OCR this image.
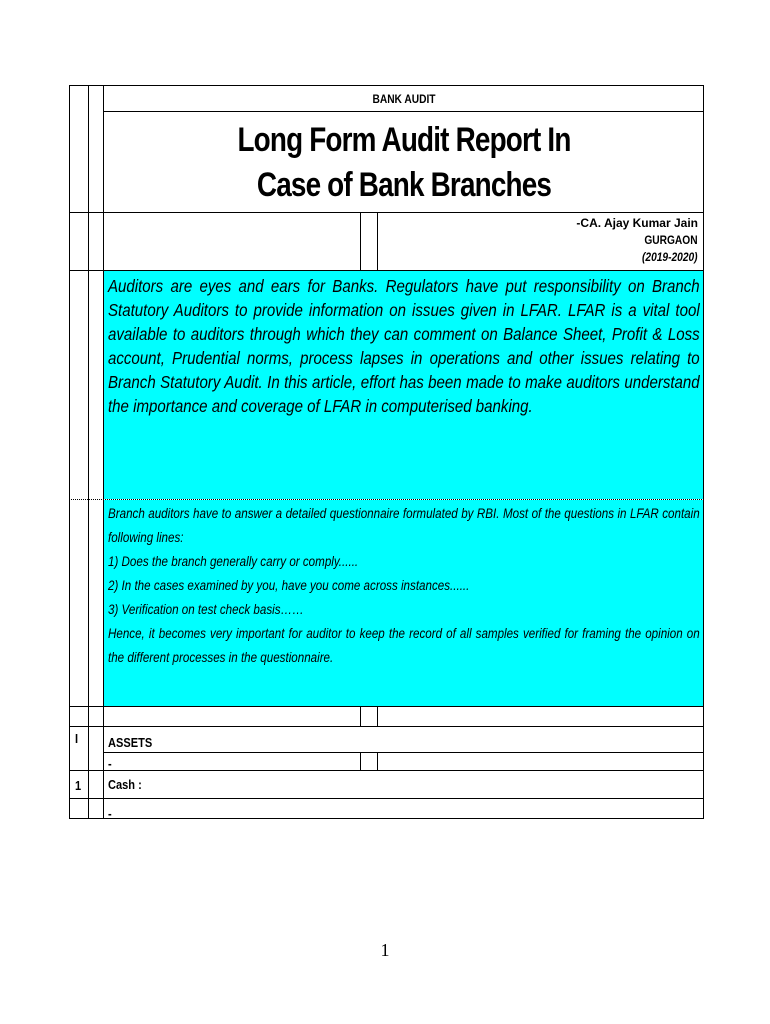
BANK AUDIT
Long Form Audit Report In
Case of Bank Branches
-CA. Ajay Kumar Jain
GURGAON
(2019-2020)
Auditors are eyes and ears for Banks. Regulators have put responsibility on Branch Statutory Auditors to provide information on issues given in LFAR. LFAR is a vital tool available to auditors through which they can comment on Balance Sheet, Profit & Loss account, Prudential norms, process lapses in operations and other issues relating to Branch Statutory Audit. In this article, effort has been made to make auditors understand the importance and coverage of LFAR in computerised banking.
Branch auditors have to answer a detailed questionnaire formulated by RBI. Most of the questions in LFAR contain following lines:
1) Does the branch generally carry or comply......
2) In the cases examined by you, have you come across instances......
3) Verification on test check basis……
Hence, it becomes very important for auditor to keep the record of all samples verified for framing the opinion on the different processes in the questionnaire.
I ASSETS
-
1 Cash :
-
1
